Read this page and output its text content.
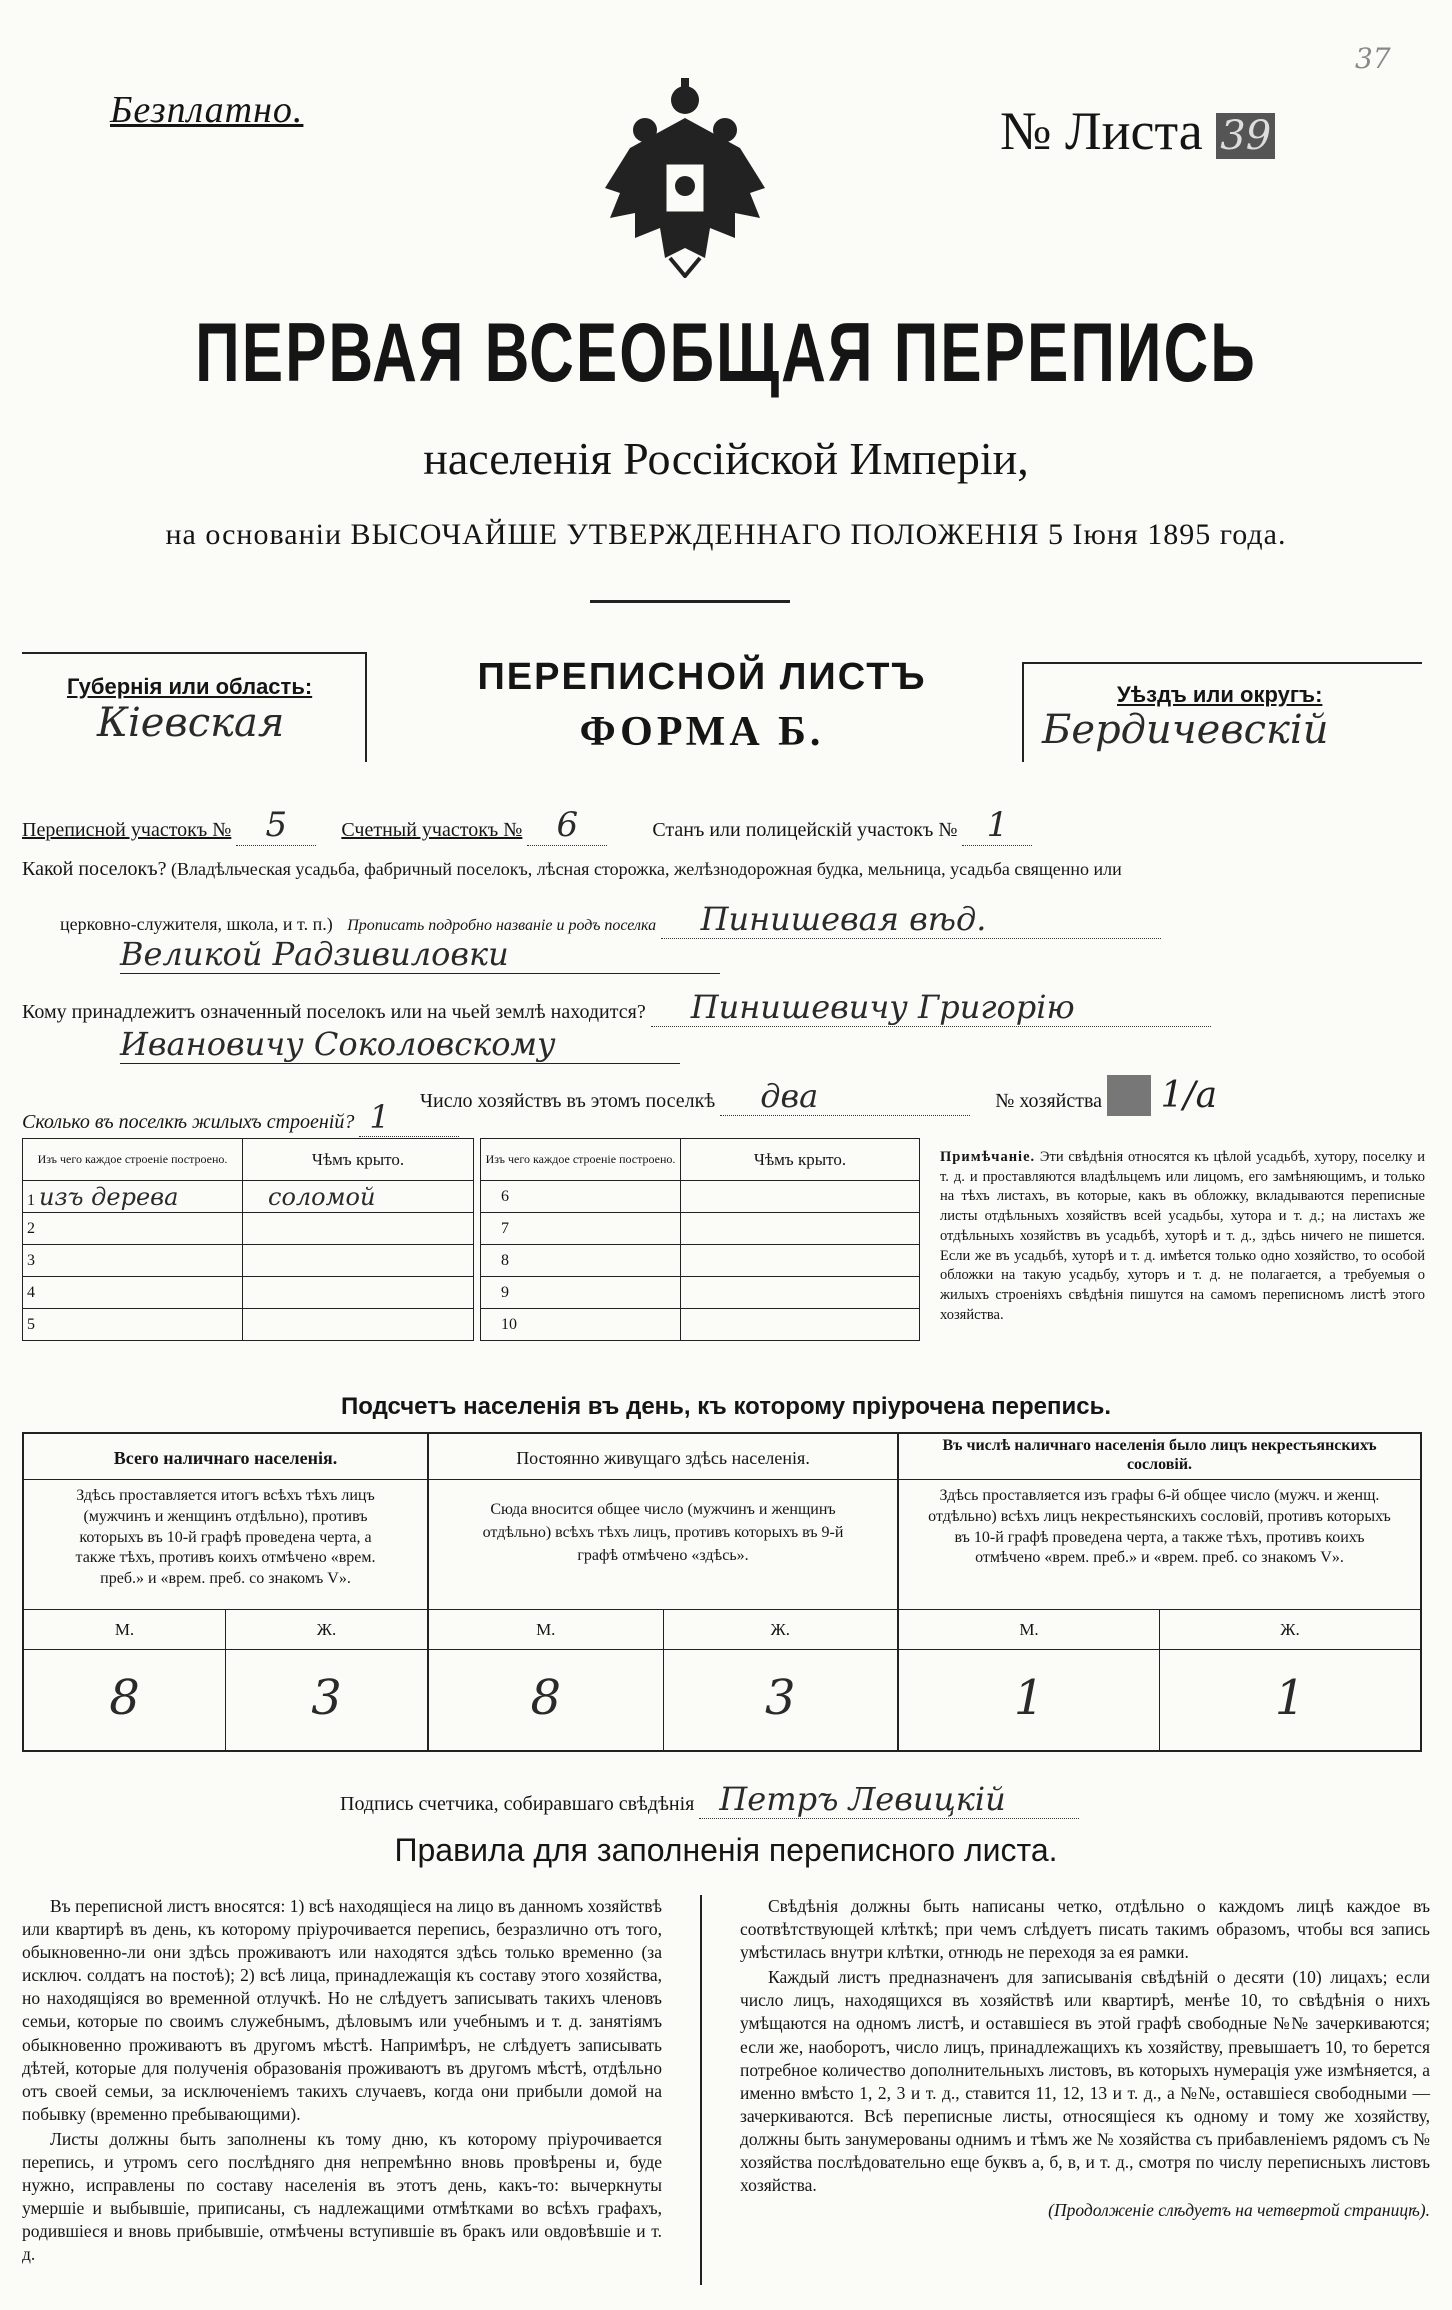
37
Безплатно.	№ Листа 39
ПЕРВАЯ ВСЕОБЩАЯ ПЕРЕПИСЬ
населенія Россійской Имперіи,
на основаніи ВЫСОЧАЙШЕ УТВЕРЖДЕННАГО ПОЛОЖЕНІЯ 5 Іюня 1895 года.
Губернія или область:
Кіевская
ПЕРЕПИСНОЙ ЛИСТЪ
ФОРМА Б.
Уѣздъ или округъ:
Бердичевскій
Переписной участокъ № 5	Счетный участокъ № 6	Станъ или полицейскій участокъ № 1
Какой поселокъ? (Владѣльческая усадьба, фабричный поселокъ, лѣсная сторожка, желѣзнодорожная будка, мельница, усадьба священно или
церковно-служителя, школа, и т. п.) Прописать подробно названіе и родъ поселка Пинишевая вѣд.
Великой Радзивиловки
Кому принадлежитъ означенный поселокъ или на чьей землѣ находится? Пинишевичу Григорію
Ивановичу Соколовскому
Число хозяйствъ въ этомъ поселкѣ два	№ хозяйства 1/а
Сколько въ поселкѣ жилыхъ строеній? 1
Изъ чего каждое строеніе построено.	Чѣмъ крыто.
1 изъ дерева	соломой
2	
3	
4	
5	
Изъ чего каждое строеніе построено.	Чѣмъ крыто.
6	
7	
8	
9	
10	
Примѣчаніе. Эти свѣдѣнія относятся къ цѣлой усадьбѣ, хутору, поселку и т. д. и проставляются владѣльцемъ или лицомъ, его замѣняющимъ, и только на тѣхъ листахъ, въ которые, какъ въ обложку, вкладываются переписные листы отдѣльныхъ хозяйствъ всей усадьбы, хутора и т. д.; на листахъ же отдѣльныхъ хозяйствъ въ усадьбѣ, хуторѣ и т. д., здѣсь ничего не пишется. Если же въ усадьбѣ, хуторѣ и т. д. имѣется только одно хозяйство, то особой обложки на такую усадьбу, хуторъ и т. д. не полагается, а требуемыя о жилыхъ строеніяхъ свѣдѣнія пишутся на самомъ переписномъ листѣ этого хозяйства.
Подсчетъ населенія въ день, къ которому пріурочена перепись.
Всего наличнаго населенія.
Здѣсь проставляется итогъ всѣхъ тѣхъ лицъ (мужчинъ и женщинъ отдѣльно), противъ которыхъ въ 10-й графѣ проведена черта, а также тѣхъ, противъ коихъ отмѣчено «врем. преб.» и «врем. преб. со знакомъ V».
М.	Ж.
8	3
Постоянно живущаго здѣсь населенія.
Сюда вносится общее число (мужчинъ и женщинъ отдѣльно) всѣхъ тѣхъ лицъ, противъ которыхъ въ 9-й графѣ отмѣчено «здѣсь».
М.	Ж.
8	3
Въ числѣ наличнаго населенія было лицъ некрестьянскихъ сословій.
Здѣсь проставляется изъ графы 6-й общее число (мужч. и женщ. отдѣльно) всѣхъ лицъ некрестьянскихъ сословій, противъ которыхъ въ 10-й графѣ проведена черта, а также тѣхъ, противъ коихъ отмѣчено «врем. преб.» и «врем. преб. со знакомъ V».
М.	Ж.
1	1
Подпись счетчика, собиравшаго свѣдѣнія Петръ Левицкій
Правила для заполненія переписного листа.

Въ переписной листъ вносятся: 1) всѣ находящіеся на лицо въ данномъ хозяйствѣ или квартирѣ въ день, къ которому пріурочивается перепись, безразлично отъ того, обыкновенно-ли они здѣсь проживаютъ или находятся здѣсь только временно (за исключ. солдатъ на постоѣ); 2) всѣ лица, принадлежащія къ составу этого хозяйства, но находящіяся во временной отлучкѣ. Но не слѣдуетъ записывать такихъ членовъ семьи, которые по своимъ служебнымъ, дѣловымъ или учебнымъ и т. д. занятіямъ обыкновенно проживаютъ въ другомъ мѣстѣ. Напримѣръ, не слѣдуетъ записывать дѣтей, которые для полученія образованія проживаютъ въ другомъ мѣстѣ, отдѣльно отъ своей семьи, за исключеніемъ такихъ случаевъ, когда они прибыли домой на побывку (временно пребывающими).

Листы должны быть заполнены къ тому дню, къ которому пріурочивается перепись, и утромъ сего послѣдняго дня непремѣнно вновь провѣрены и, буде нужно, исправлены по составу населенія въ этотъ день, какъ-то: вычеркнуты умершіе и выбывшіе, приписаны, съ надлежащими отмѣтками во всѣхъ графахъ, родившіеся и вновь прибывшіе, отмѣчены вступившіе въ бракъ или овдовѣвшіе и т. д.

Свѣдѣнія должны быть написаны четко, отдѣльно о каждомъ лицѣ каждое въ соотвѣтствующей клѣткѣ; при чемъ слѣдуетъ писать такимъ образомъ, чтобы вся запись умѣстилась внутри клѣтки, отнюдь не переходя за ея рамки.

Каждый листъ предназначенъ для записыванія свѣдѣній о десяти (10) лицахъ; если число лицъ, находящихся въ хозяйствѣ или квартирѣ, менѣе 10, то свѣдѣнія о нихъ умѣщаются на одномъ листѣ, и оставшіеся въ этой графѣ свободные №№ зачеркиваются; если же, наоборотъ, число лицъ, принадлежащихъ къ хозяйству, превышаетъ 10, то берется потребное количество дополнительныхъ листовъ, въ которыхъ нумерація уже измѣняется, а именно вмѣсто 1, 2, 3 и т. д., ставится 11, 12, 13 и т. д., а №№, оставшіеся свободными — зачеркиваются. Всѣ переписные листы, относящіеся къ одному и тому же хозяйству, должны быть занумерованы однимъ и тѣмъ же № хозяйства съ прибавленіемъ рядомъ съ № хозяйства послѣдовательно еще буквъ а, б, в, и т. д., смотря по числу переписныхъ листовъ хозяйства.

(Продолженіе слѣдуетъ на четвертой страницѣ).
